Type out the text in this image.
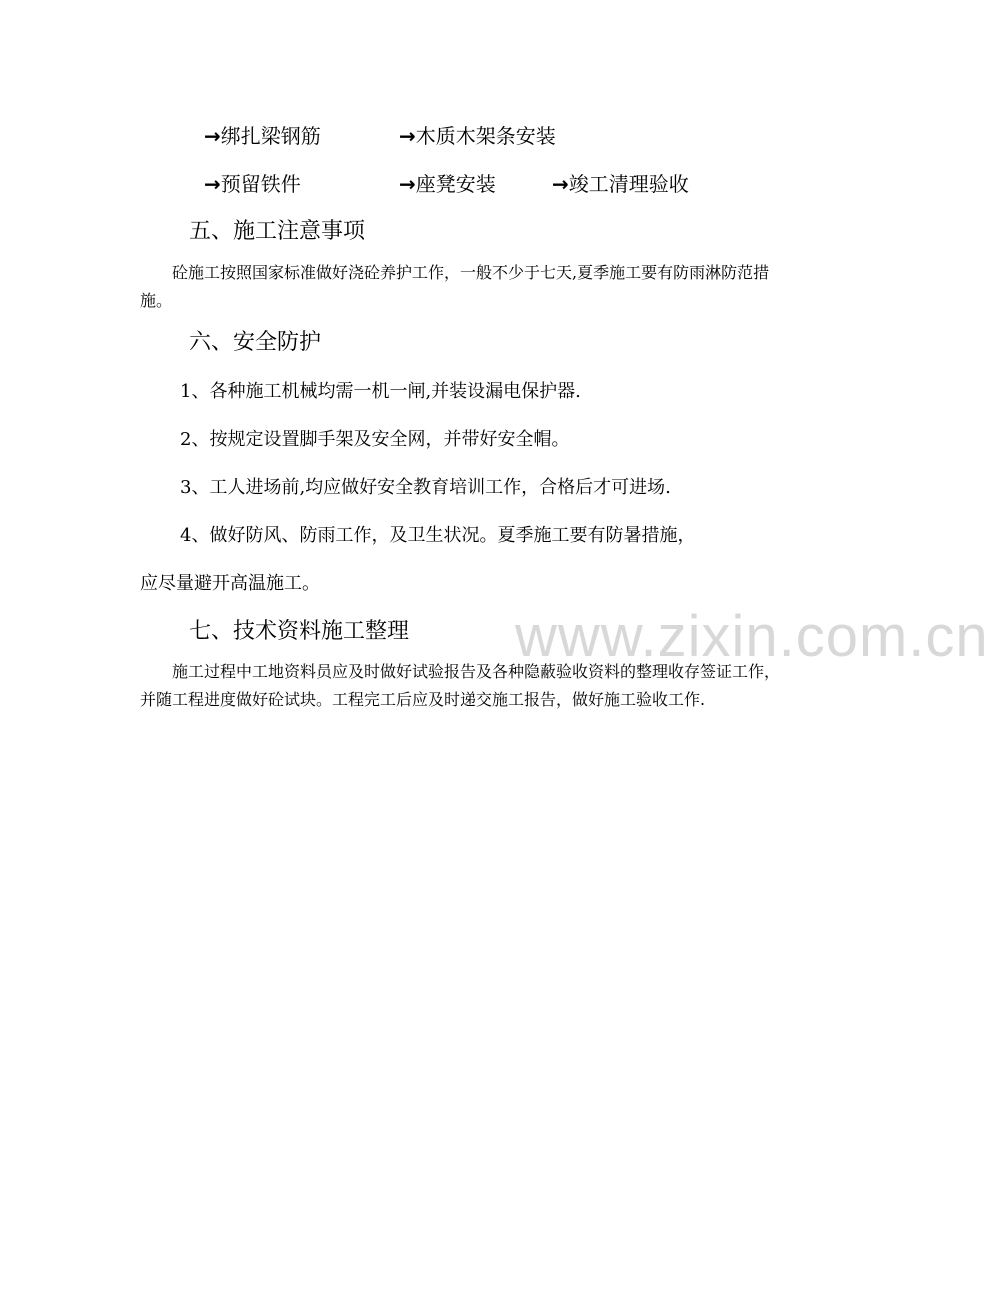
→绑扎梁钢筋	→木质木架条安装
→预留铁件	→座凳安装	→竣工清理验收
五、施工注意事项
砼施工按照国家标准做好浇砼养护工作，一般不少于七天,夏季施工要有防雨淋防范措施。
六、安全防护
1、各种施工机械均需一机一闸,并装设漏电保护器.
2、按规定设置脚手架及安全网，并带好安全帽。
3、工人进场前,均应做好安全教育培训工作，合格后才可进场.
4、做好防风、防雨工作，及卫生状况。夏季施工要有防暑措施，
应尽量避开高温施工。
七、技术资料施工整理
施工过程中工地资料员应及时做好试验报告及各种隐蔽验收资料的整理收存签证工作，并随工程进度做好砼试块。工程完工后应及时递交施工报告，做好施工验收工作.
www.zixin.com.cn
